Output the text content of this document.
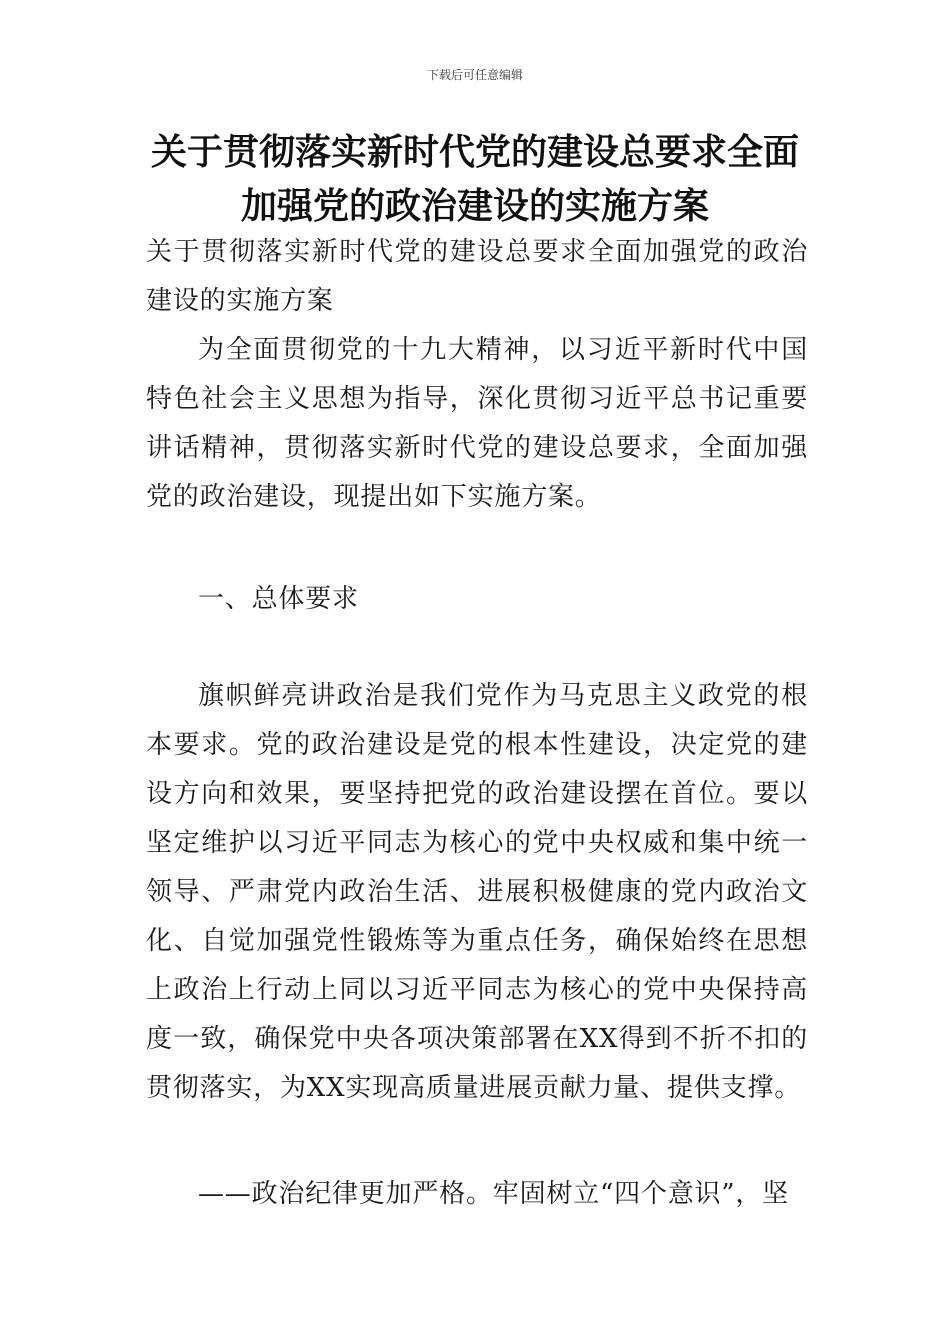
下载后可任意编辑
关于贯彻落实新时代党的建设总要求全面加强党的政治建设的实施方案
关于贯彻落实新时代党的建设总要求全面加强党的政治建设的实施方案
为全面贯彻党的十九大精神，以习近平新时代中国特色社会主义思想为指导，深化贯彻习近平总书记重要讲话精神，贯彻落实新时代党的建设总要求，全面加强党的政治建设，现提出如下实施方案。
一、总体要求
旗帜鲜亮讲政治是我们党作为马克思主义政党的根本要求。党的政治建设是党的根本性建设，决定党的建设方向和效果，要坚持把党的政治建设摆在首位。要以坚定维护以习近平同志为核心的党中央权威和集中统一领导、严肃党内政治生活、进展积极健康的党内政治文化、自觉加强党性锻炼等为重点任务，确保始终在思想上政治上行动上同以习近平同志为核心的党中央保持高度一致，确保党中央各项决策部署在XX得到不折不扣的贯彻落实，为XX实现高质量进展贡献力量、提供支撑。
——政治纪律更加严格。牢固树立“四个意识”，坚
